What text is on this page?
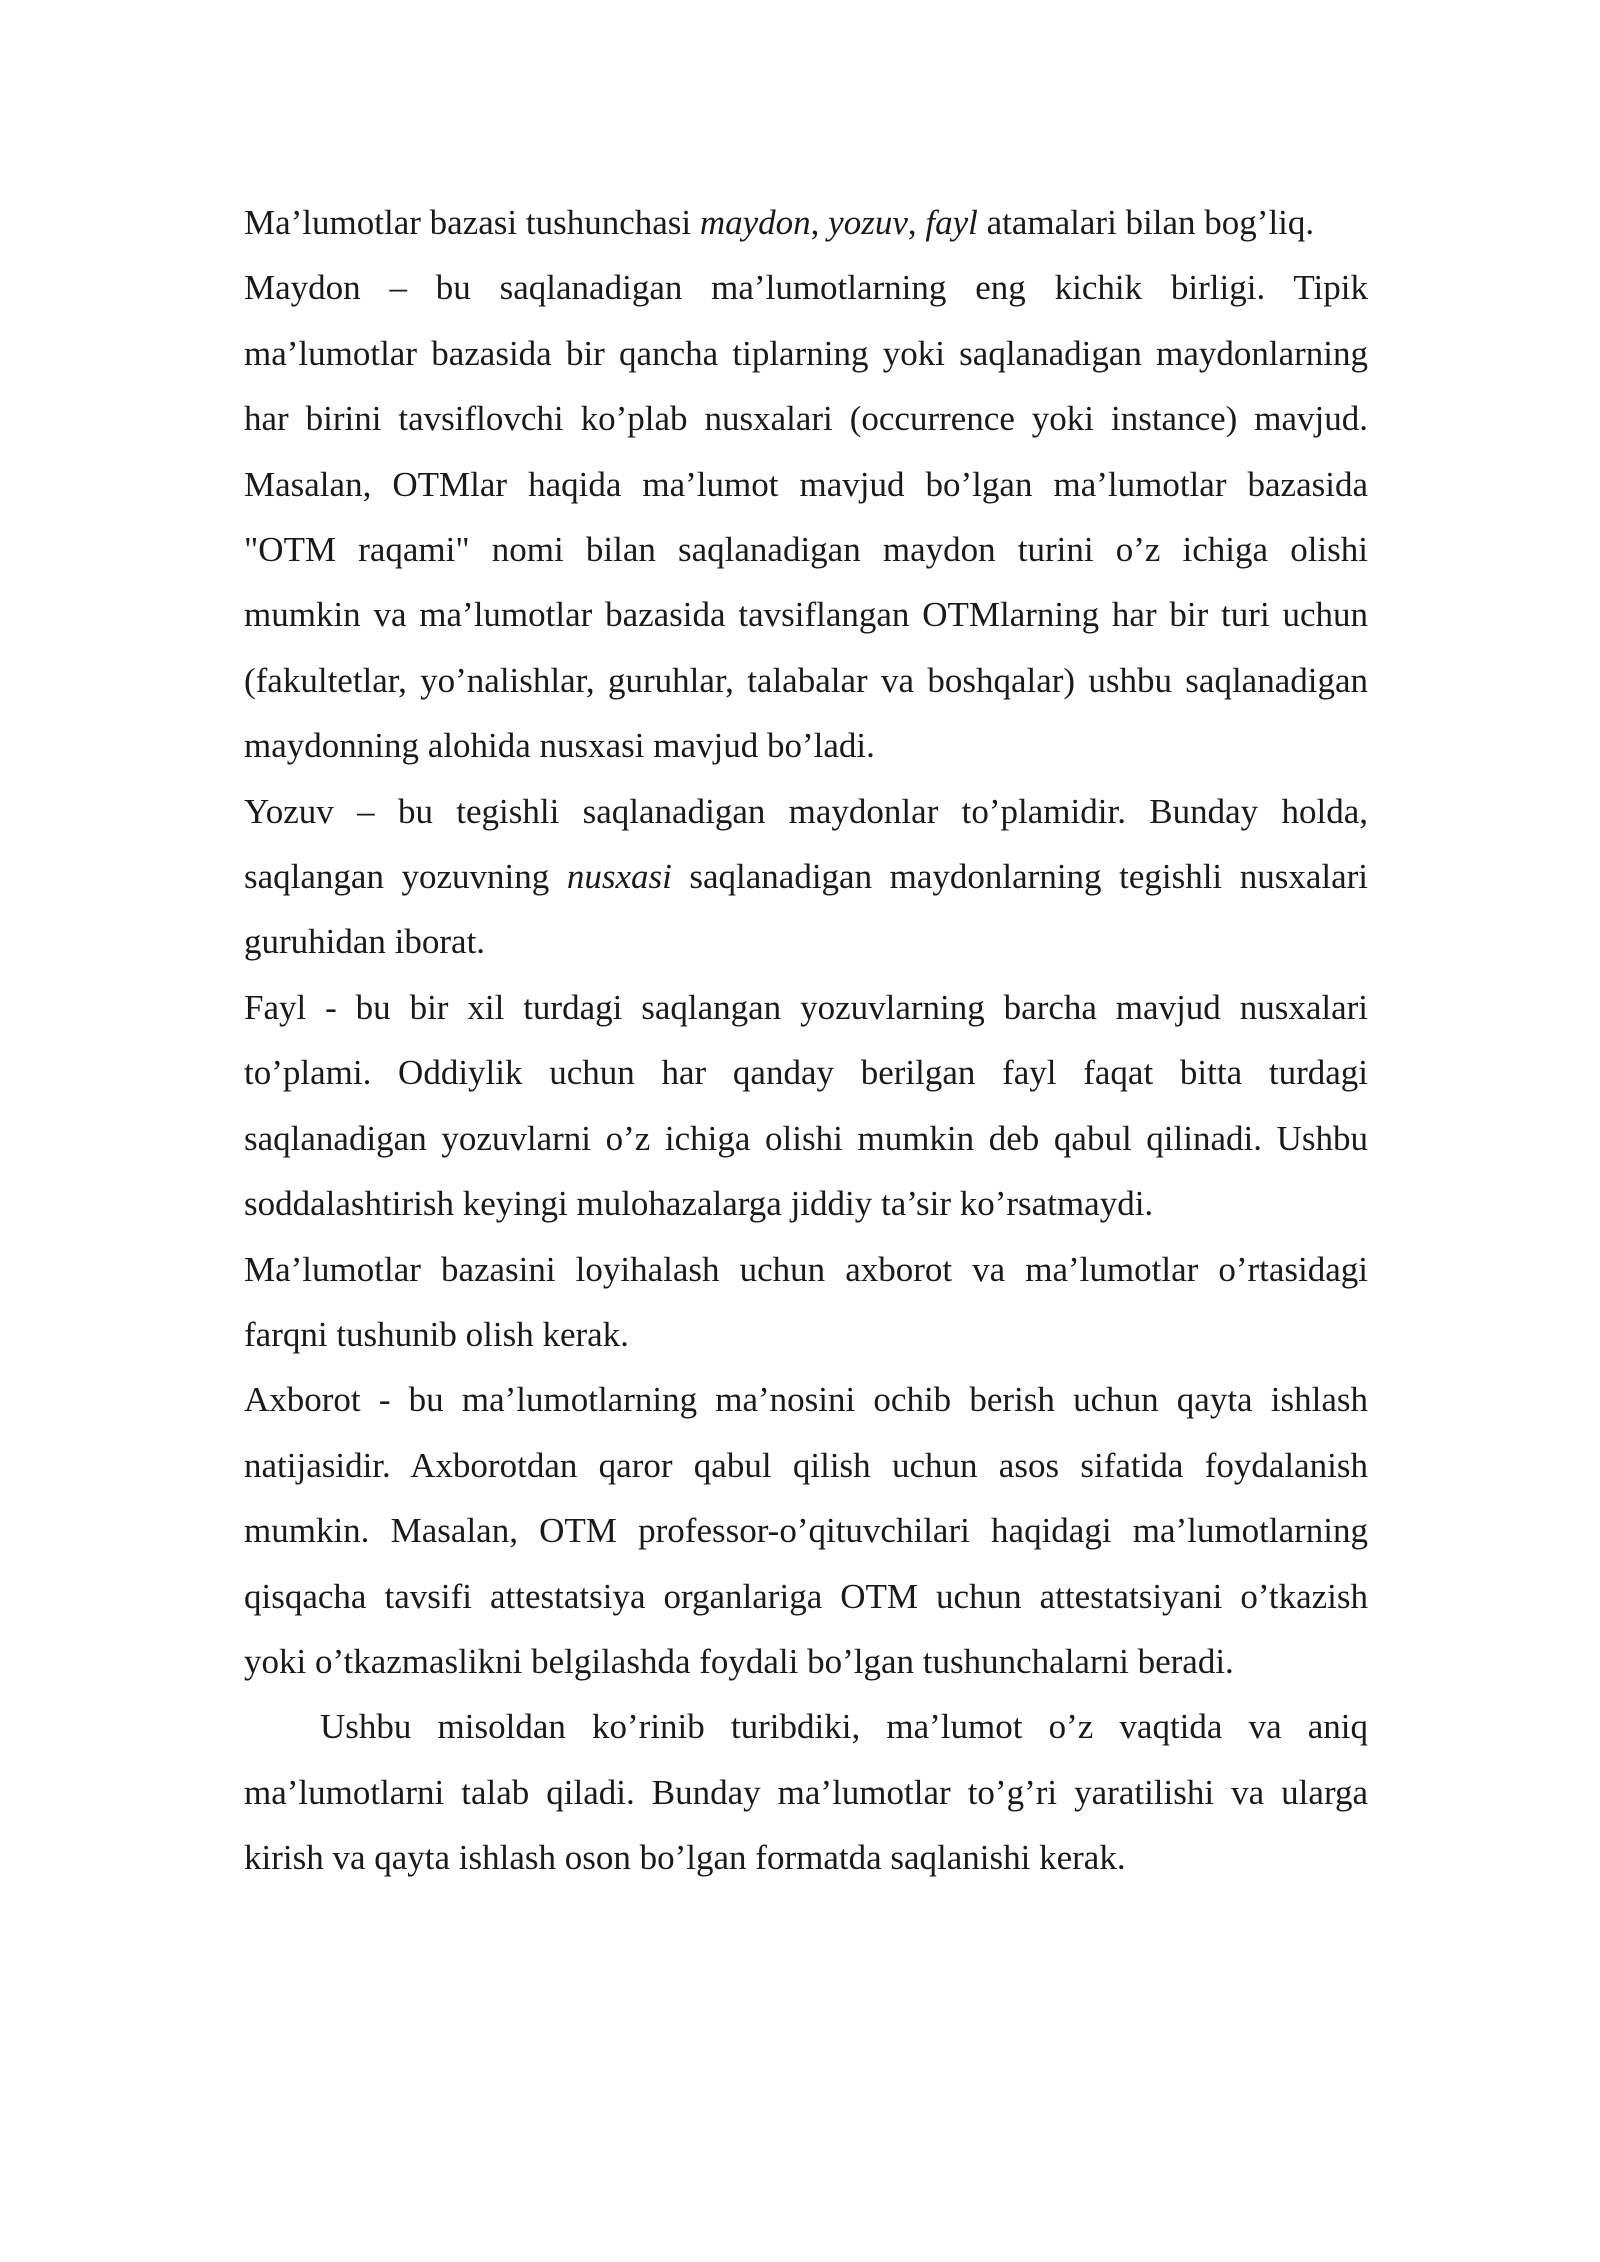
Ma’lumotlar bazasi tushunchasi maydon, yozuv, fayl atamalari bilan bog’liq.

Maydon – bu saqlanadigan ma’lumotlarning eng kichik birligi. Tipik ma’lumotlar bazasida bir qancha tiplarning yoki saqlanadigan maydonlarning har birini tavsiflovchi ko’plab nusxalari (occurrence yoki instance) mavjud. Masalan, OTMlar haqida ma’lumot mavjud bo’lgan ma’lumotlar bazasida "OTM raqami" nomi bilan saqlanadigan maydon turini o’z ichiga olishi mumkin va ma’lumotlar bazasida tavsiflangan OTMlarning har bir turi uchun (fakultetlar, yo’nalishlar, guruhlar, talabalar va boshqalar) ushbu saqlanadigan maydonning alohida nusxasi mavjud bo’ladi.

Yozuv – bu tegishli saqlanadigan maydonlar to’plamidir. Bunday holda, saqlangan yozuvning nusxasi saqlanadigan maydonlarning tegishli nusxalari guruhidan iborat.

Fayl - bu bir xil turdagi saqlangan yozuvlarning barcha mavjud nusxalari to’plami. Oddiylik uchun har qanday berilgan fayl faqat bitta turdagi saqlanadigan yozuvlarni o’z ichiga olishi mumkin deb qabul qilinadi. Ushbu soddalashtirish keyingi mulohazalarga jiddiy ta’sir ko’rsatmaydi.

Ma’lumotlar bazasini loyihalash uchun axborot va ma’lumotlar o’rtasidagi farqni tushunib olish kerak.

Axborot - bu ma’lumotlarning ma’nosini ochib berish uchun qayta ishlash natijasidir. Axborotdan qaror qabul qilish uchun asos sifatida foydalanish mumkin. Masalan, OTM professor-o’qituvchilari haqidagi ma’lumotlarning qisqacha tavsifi attestatsiya organlariga OTM uchun attestatsiyani o’tkazish yoki o’tkazmaslikni belgilashda foydali bo’lgan tushunchalarni beradi.

Ushbu misoldan ko’rinib turibdiki, ma’lumot o’z vaqtida va aniq ma’lumotlarni talab qiladi. Bunday ma’lumotlar to’g’ri yaratilishi va ularga kirish va qayta ishlash oson bo’lgan formatda saqlanishi kerak.
